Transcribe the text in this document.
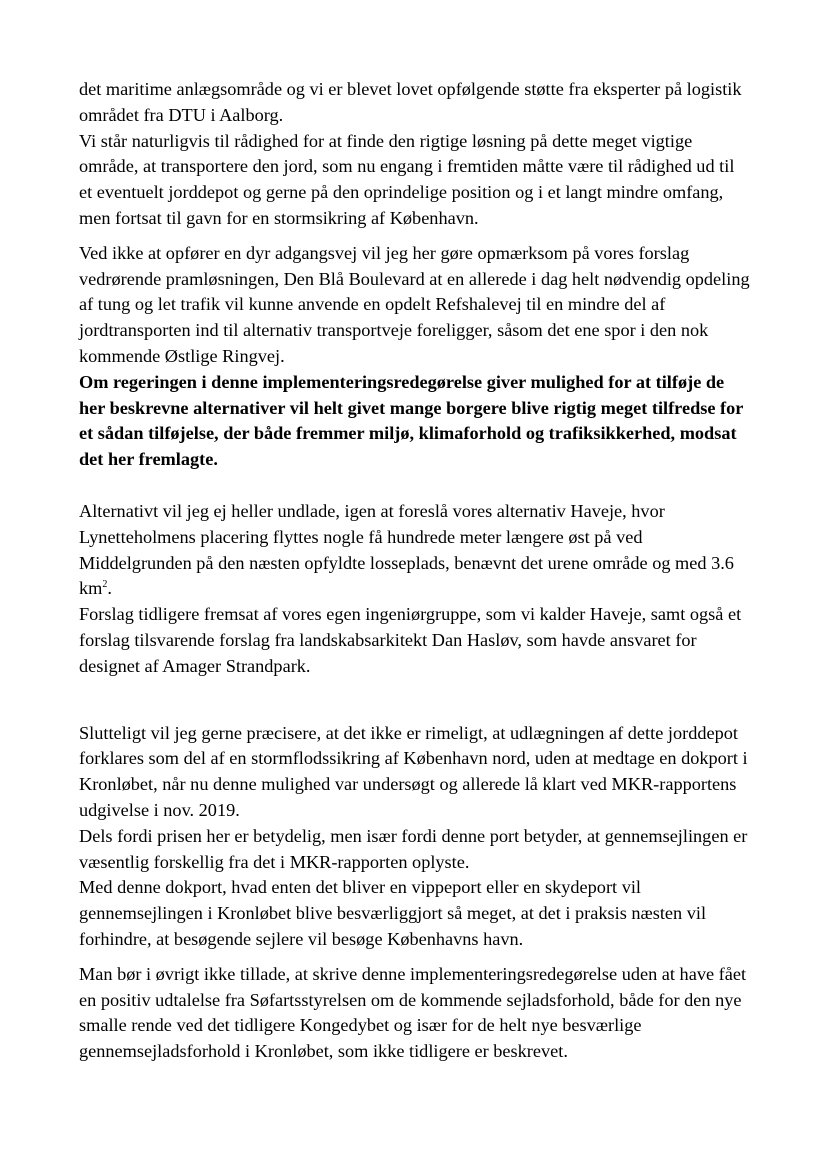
det maritime anlægsområde og vi er blevet lovet opfølgende støtte fra eksperter på logistik området fra DTU i Aalborg.

Vi står naturligvis til rådighed for at finde den rigtige løsning på dette meget vigtige område, at transportere den jord, som nu engang i fremtiden måtte være til rådighed ud til et eventuelt jorddepot og gerne på den oprindelige position og i et langt mindre omfang, men fortsat til gavn for en stormsikring af København.

Ved ikke at opfører en dyr adgangsvej vil jeg her gøre opmærksom på vores forslag vedrørende pramløsningen, Den Blå Boulevard at en allerede i dag helt nødvendig opdeling af tung og let trafik vil kunne anvende en opdelt Refshalevej til en mindre del af jordtransporten ind til alternativ transportveje foreligger, såsom det ene spor i den nok kommende Østlige Ringvej.

Om regeringen i denne implementeringsredegørelse giver mulighed for at tilføje de her beskrevne alternativer vil helt givet mange borgere blive rigtig meget tilfredse for et sådan tilføjelse, der både fremmer miljø, klimaforhold og trafiksikkerhed, modsat det her fremlagte.

Alternativt vil jeg ej heller undlade, igen at foreslå vores alternativ Haveje, hvor Lynetteholmens placering flyttes nogle få hundrede meter længere øst på ved Middelgrunden på den næsten opfyldte losseplads, benævnt det urene område og med 3.6 $km^2$.

Forslag tidligere fremsat af vores egen ingeniørgruppe, som vi kalder Haveje, samt også et forslag tilsvarende forslag fra landskabsarkitekt Dan Hasløv, som havde ansvaret for designet af Amager Strandpark.

Slutteligt vil jeg gerne præcisere, at det ikke er rimeligt, at udlægningen af dette jorddepot forklares som del af en stormflodssikring af København nord, uden at medtage en dokport i Kronløbet, når nu denne mulighed var undersøgt og allerede lå klart ved MKR-rapportens udgivelse i nov. 2019.

Dels fordi prisen her er betydelig, men især fordi denne port betyder, at gennemsejlingen er væsentlig forskellig fra det i MKR-rapporten oplyste.

Med denne dokport, hvad enten det bliver en vippeport eller en skydeport vil gennemsejlingen i Kronløbet blive besværliggjort så meget, at det i praksis næsten vil forhindre, at besøgende sejlere vil besøge Københavns havn.

Man bør i øvrigt ikke tillade, at skrive denne implementeringsredegørelse uden at have fået en positiv udtalelse fra Søfartsstyrelsen om de kommende sejladsforhold, både for den nye smalle rende ved det tidligere Kongedybet og især for de helt nye besværlige gennemsejladsforhold i Kronløbet, som ikke tidligere er beskrevet.
